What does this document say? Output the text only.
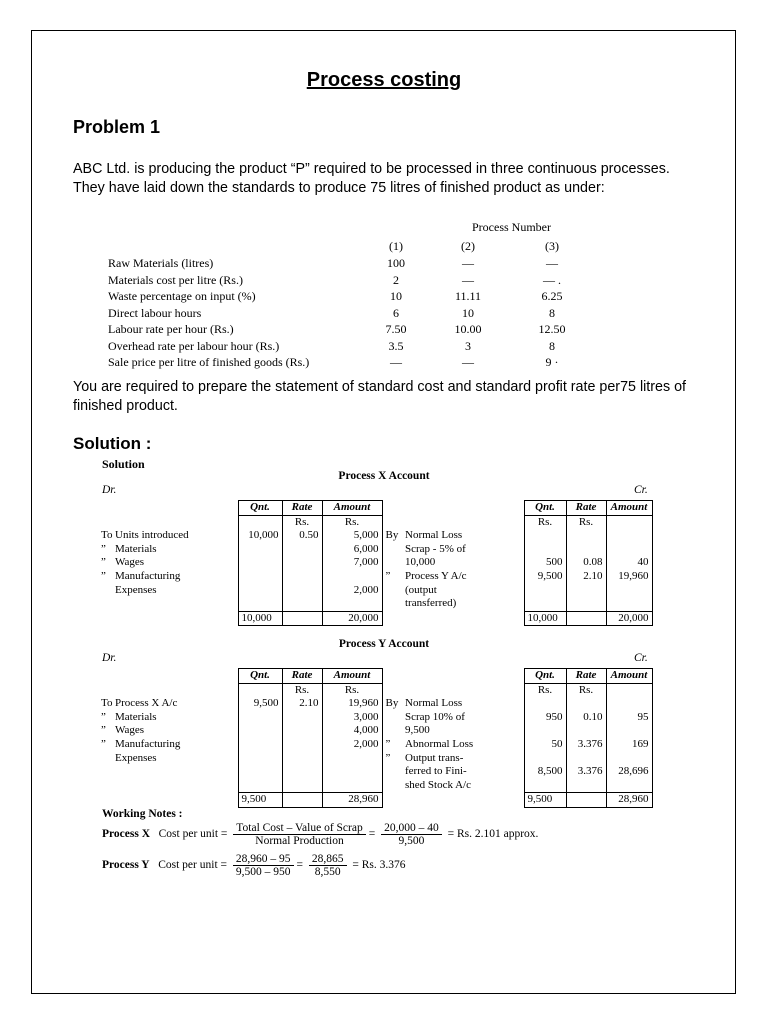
Process costing
Problem 1
ABC Ltd. is producing the product “P” required to be processed in three continuous processes. They have laid down the standards to produce 75 litres of finished product as under:
Process Number
(1)	(2)	(3)
Raw Materials (litres)	100	—	—
Materials cost per litre (Rs.)	2	—	— .
Waste percentage on input (%)	10	11.11	6.25
Direct labour hours	6	10	8
Labour rate per hour (Rs.)	7.50	10.00	12.50
Overhead rate per labour hour (Rs.)	3.5	3	8
Sale price per litre of finished goods (Rs.)	—	—	9 ·
You are required to prepare the statement of standard cost and standard profit rate per75 litres of finished product.
Solution :
Solution
Process X Account
Dr.	Cr.
		Qnt.	Rate	Amount			Qnt.	Rate	Amount
			Rs.	Rs.			Rs.	Rs.	
To	Units introduced	10,000	0.50	5,000	By	Normal Loss			
”	Materials			6,000		Scrap - 5% of			
”	Wages			7,000		10,000	500	0.08	40
”	Manufacturing				”	Process Y A/c	9,500	2.10	19,960
	Expenses			2,000		(output			
						transferred)			
		10,000		20,000			10,000		20,000
Process Y Account
Dr.	Cr.
		Qnt.	Rate	Amount			Qnt.	Rate	Amount
			Rs.	Rs.			Rs.	Rs.	
To	Process X A/c	9,500	2.10	19,960	By	Normal Loss			
”	Materials			3,000		Scrap 10% of	950	0.10	95
”	Wages			4,000		9,500			
”	Manufacturing			2,000	”	Abnormal Loss	50	3.376	169
	Expenses				”	Output trans-			
						ferred to Fini-	8,500	3.376	28,696
						shed Stock A/c			
		9,500		28,960			9,500		28,960
Working Notes :
Process X Cost per unit = $\frac{\text{Total Cost – Value of Scrap}}{\text{Normal Production}} = \frac{20,000 - 40}{9,500} = Rs$. 2.101 approx.
Process Y Cost per unit = $\frac{28,960 - 95}{9,500 - 950} = \frac{28,865}{8,550} = Rs$. 3.376
